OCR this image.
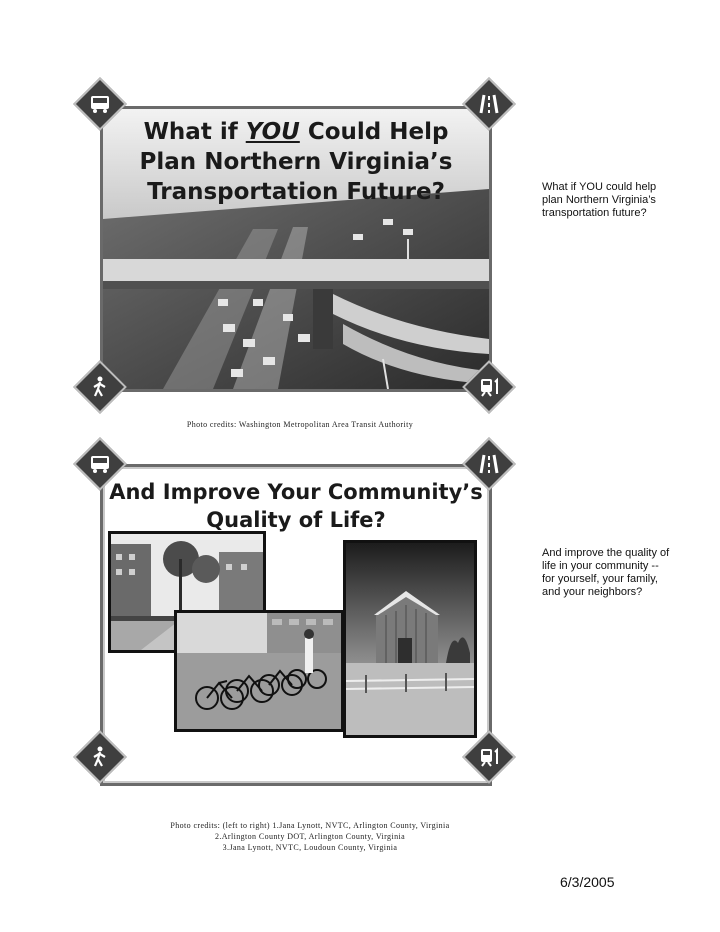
What if YOU Could Help
Plan Northern Virginia’s
Transportation Future?	What if YOU could help plan Northern Virginia’s transportation future?
Photo credits: Washington Metropolitan Area Transit Authority
And Improve Your Community’s
Quality of Life?
And improve the quality of life in your community -- for yourself, your family, and your neighbors?
Photo credits: (left to right) 1.Jana Lynott, NVTC, Arlington County, Virginia
2.Arlington County DOT, Arlington County, Virginia
3.Jana Lynott, NVTC, Loudoun County, Virginia
6/3/2005
